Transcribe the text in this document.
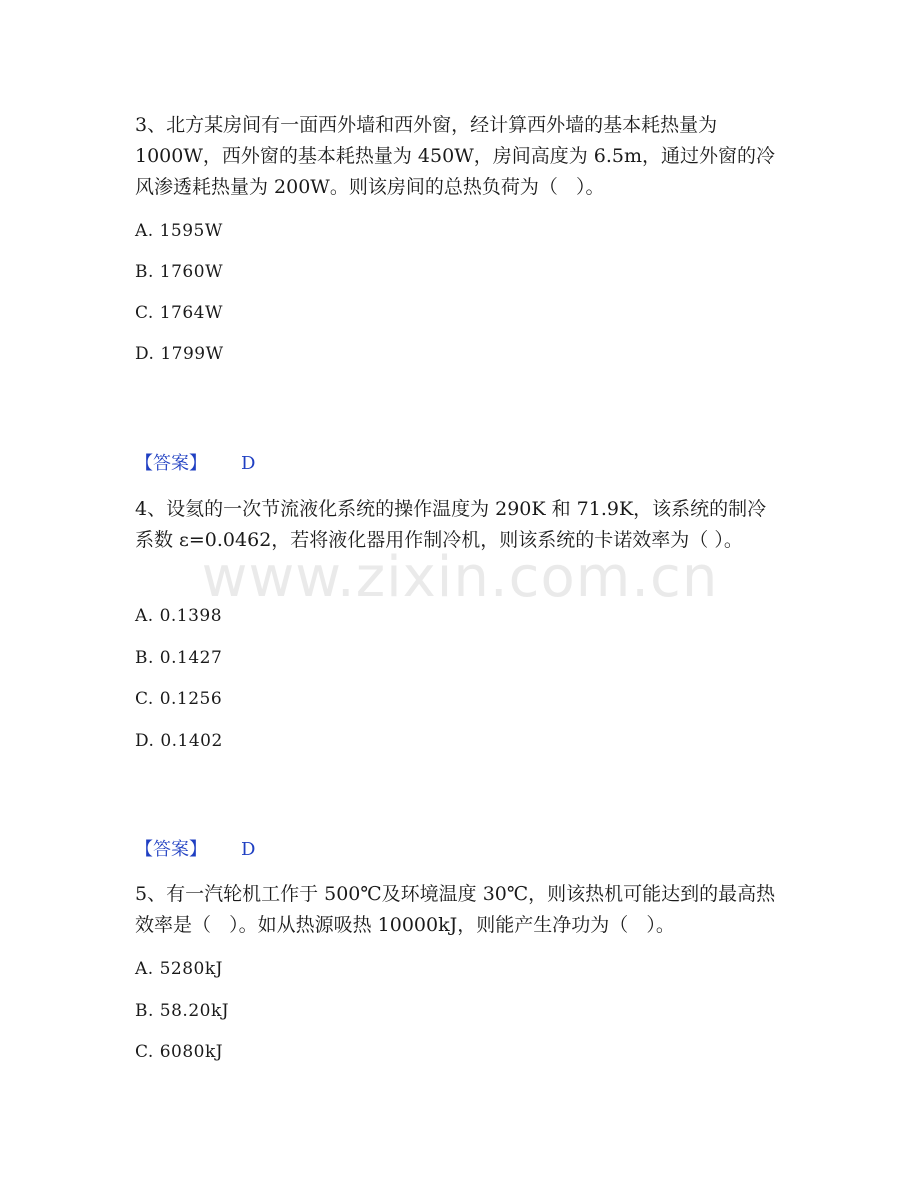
3、北方某房间有一面西外墙和西外窗，经计算西外墙的基本耗热量为1000W，西外窗的基本耗热量为 450W，房间高度为 6.5m，通过外窗的冷风渗透耗热量为 200W。则该房间的总热负荷为（   ）。

A. 1595W
B. 1760W
C. 1764W
D. 1799W
【答案】 D

4、设氦的一次节流液化系统的操作温度为 290K 和 71.9K，该系统的制冷系数 ε=0.0462，若将液化器用作制冷机，则该系统的卡诺效率为（ ）。

A. 0.1398
B. 0.1427
C. 0.1256
D. 0.1402
【答案】 D

5、有一汽轮机工作于 500℃及环境温度 30℃，则该热机可能达到的最高热效率是（   ）。如从热源吸热 10000kJ，则能产生净功为（   ）。

A. 5280kJ
B. 58.20kJ
C. 6080kJ
www.zixin.com.cn
